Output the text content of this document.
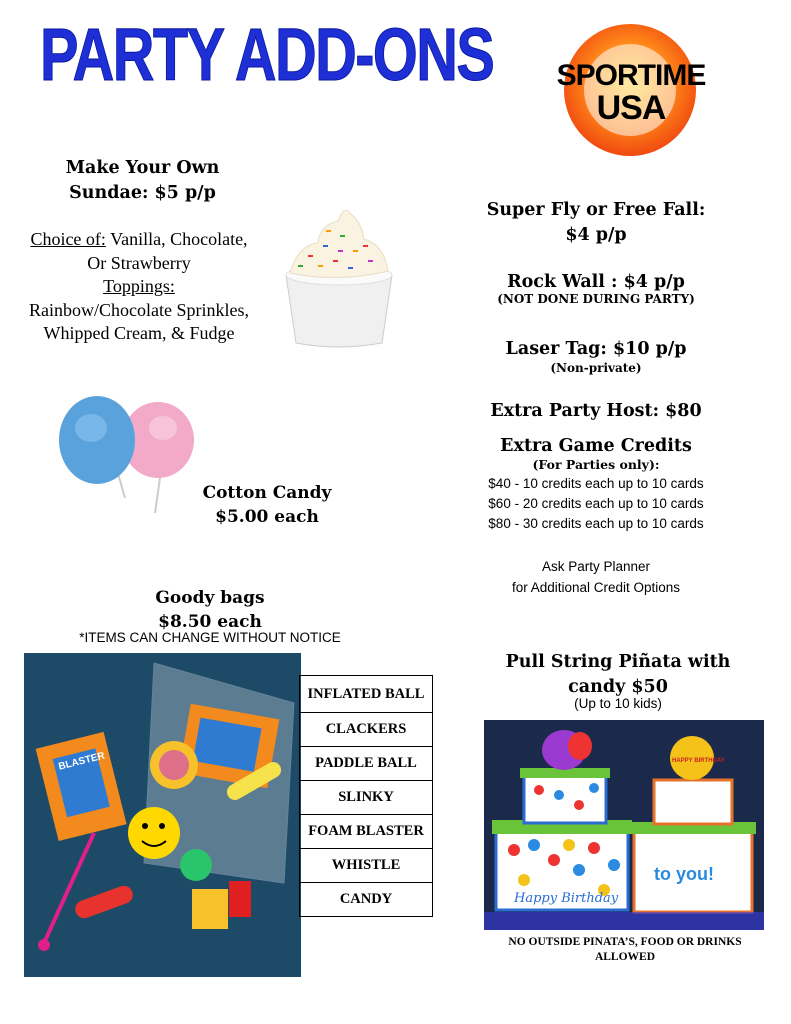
PARTY ADD-ONS	SPORTIME
USA
Make Your Own
Sundae: $5 p/p
Choice of: Vanilla, Chocolate,
Or Strawberry
Toppings:
Rainbow/Chocolate Sprinkles,
Whipped Cream, & Fudge
Cotton Candy
$5.00 each
Goody bags
$8.50 each
*ITEMS CAN CHANGE WITHOUT NOTICE
BLASTER
INFLATED BALL
CLACKERS
PADDLE BALL
SLINKY
FOAM BLASTER
WHISTLE
CANDY
Super Fly or Free Fall:
$4 p/p
Rock Wall : $4 p/p
(NOT DONE DURING PARTY)
Laser Tag: $10 p/p
(Non-private)
Extra Party Host: $80
Extra Game Credits
(For Parties only):
$40 - 10 credits each up to 10 cards
$60 - 20 credits each up to 10 cards
$80 - 30 credits each up to 10 cards
Ask Party Planner
for Additional Credit Options
Pull String Piñata with
candy $50
(Up to 10 kids)
Happy Birthday
HAPPY BIRTHDAY
to you!
NO OUTSIDE PINATA’S, FOOD OR DRINKS
ALLOWED
